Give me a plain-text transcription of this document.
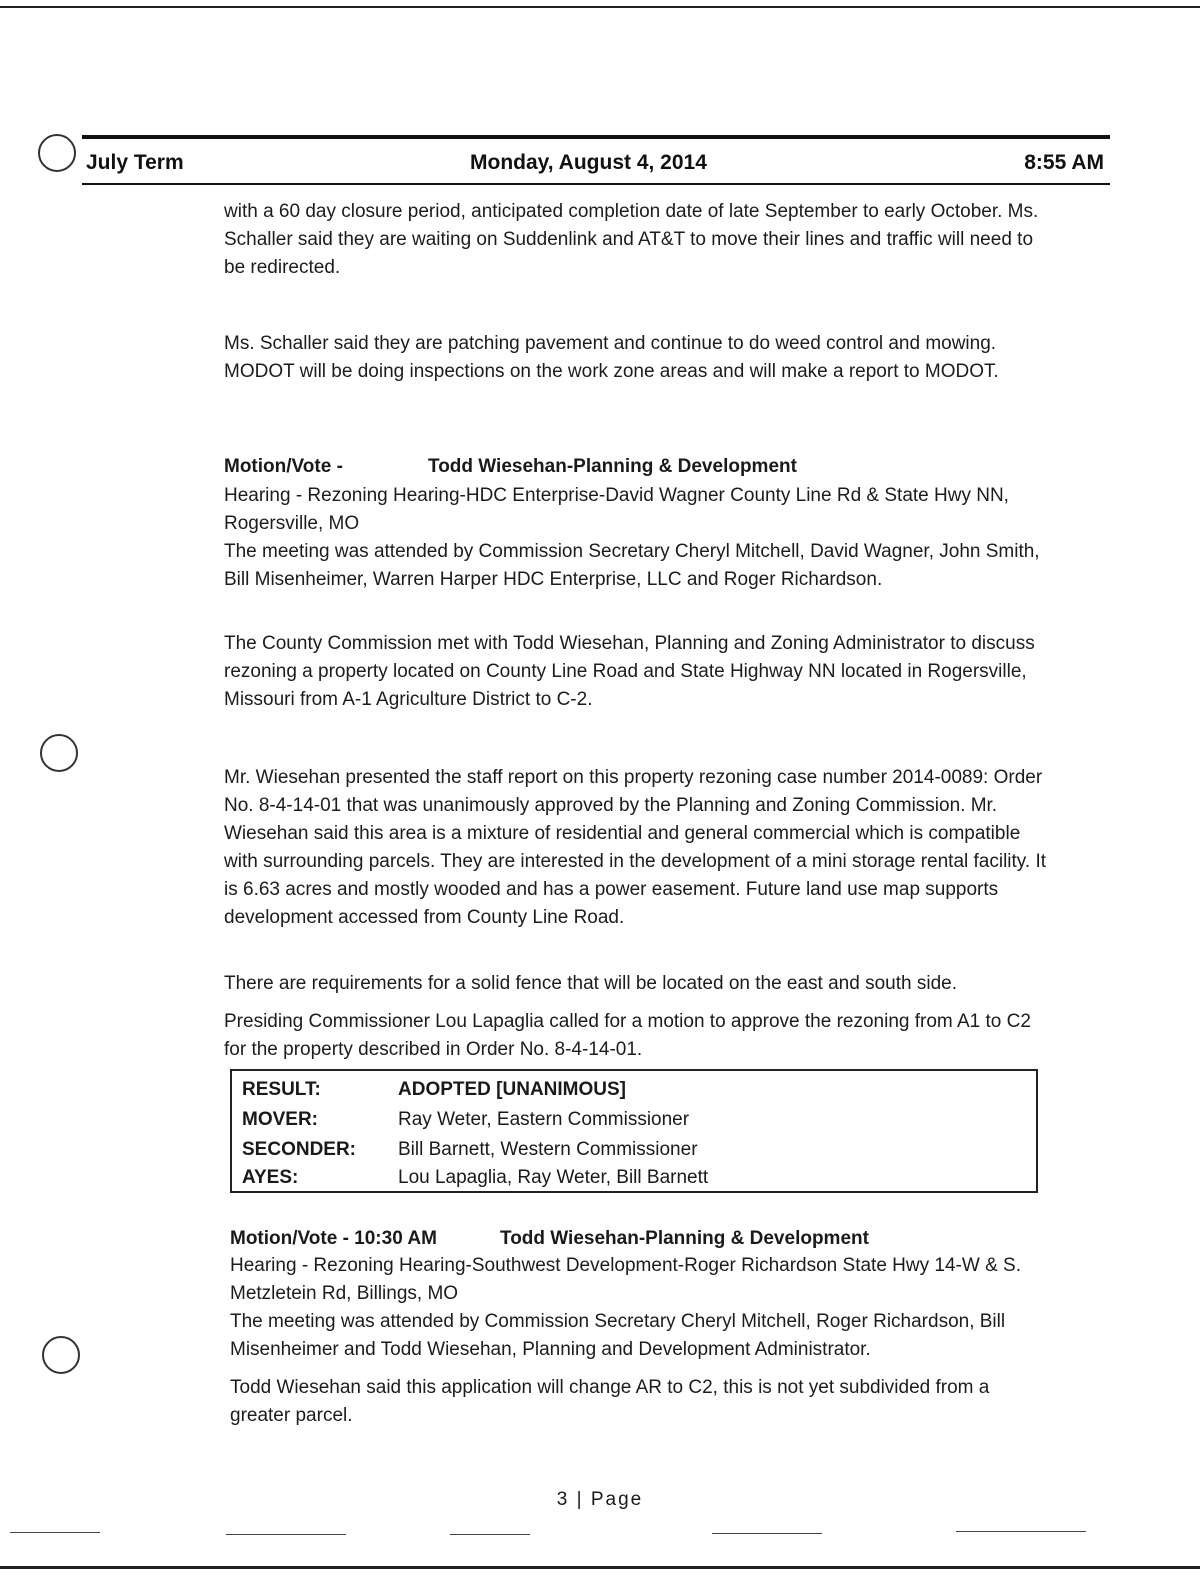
July Term	Monday, August 4, 2014	8:55 AM

with a 60 day closure period, anticipated completion date of late September to early October. Ms. Schaller said they are waiting on Suddenlink and AT&T to move their lines and traffic will need to be redirected.

Ms. Schaller said they are patching pavement and continue to do weed control and mowing. MODOT will be doing inspections on the work zone areas and will make a report to MODOT.

Motion/Vote -	Todd Wiesehan-Planning & Development

Hearing - Rezoning Hearing-HDC Enterprise-David Wagner County Line Rd & State Hwy NN, Rogersville, MO

The meeting was attended by Commission Secretary Cheryl Mitchell, David Wagner, John Smith, Bill Misenheimer, Warren Harper HDC Enterprise, LLC and Roger Richardson.

The County Commission met with Todd Wiesehan, Planning and Zoning Administrator to discuss rezoning a property located on County Line Road and State Highway NN located in Rogersville, Missouri from A-1 Agriculture District to C-2.

Mr. Wiesehan presented the staff report on this property rezoning case number 2014-0089: Order No. 8-4-14-01 that was unanimously approved by the Planning and Zoning Commission. Mr. Wiesehan said this area is a mixture of residential and general commercial which is compatible with surrounding parcels. They are interested in the development of a mini storage rental facility. It is 6.63 acres and mostly wooded and has a power easement. Future land use map supports development accessed from County Line Road.

There are requirements for a solid fence that will be located on the east and south side.

Presiding Commissioner Lou Lapaglia called for a motion to approve the rezoning from A1 to C2 for the property described in Order No. 8-4-14-01.

RESULT:	ADOPTED [UNANIMOUS]
MOVER:	Ray Weter, Eastern Commissioner
SECONDER: Bill Barnett, Western Commissioner
AYES:	Lou Lapaglia, Ray Weter, Bill Barnett
Motion/Vote - 10:30 AM	Todd Wiesehan-Planning & Development

Hearing - Rezoning Hearing-Southwest Development-Roger Richardson State Hwy 14-W & S. Metzletein Rd, Billings, MO

The meeting was attended by Commission Secretary Cheryl Mitchell, Roger Richardson, Bill Misenheimer and Todd Wiesehan, Planning and Development Administrator.

Todd Wiesehan said this application will change AR to C2, this is not yet subdivided from a greater parcel.

3 | Page
